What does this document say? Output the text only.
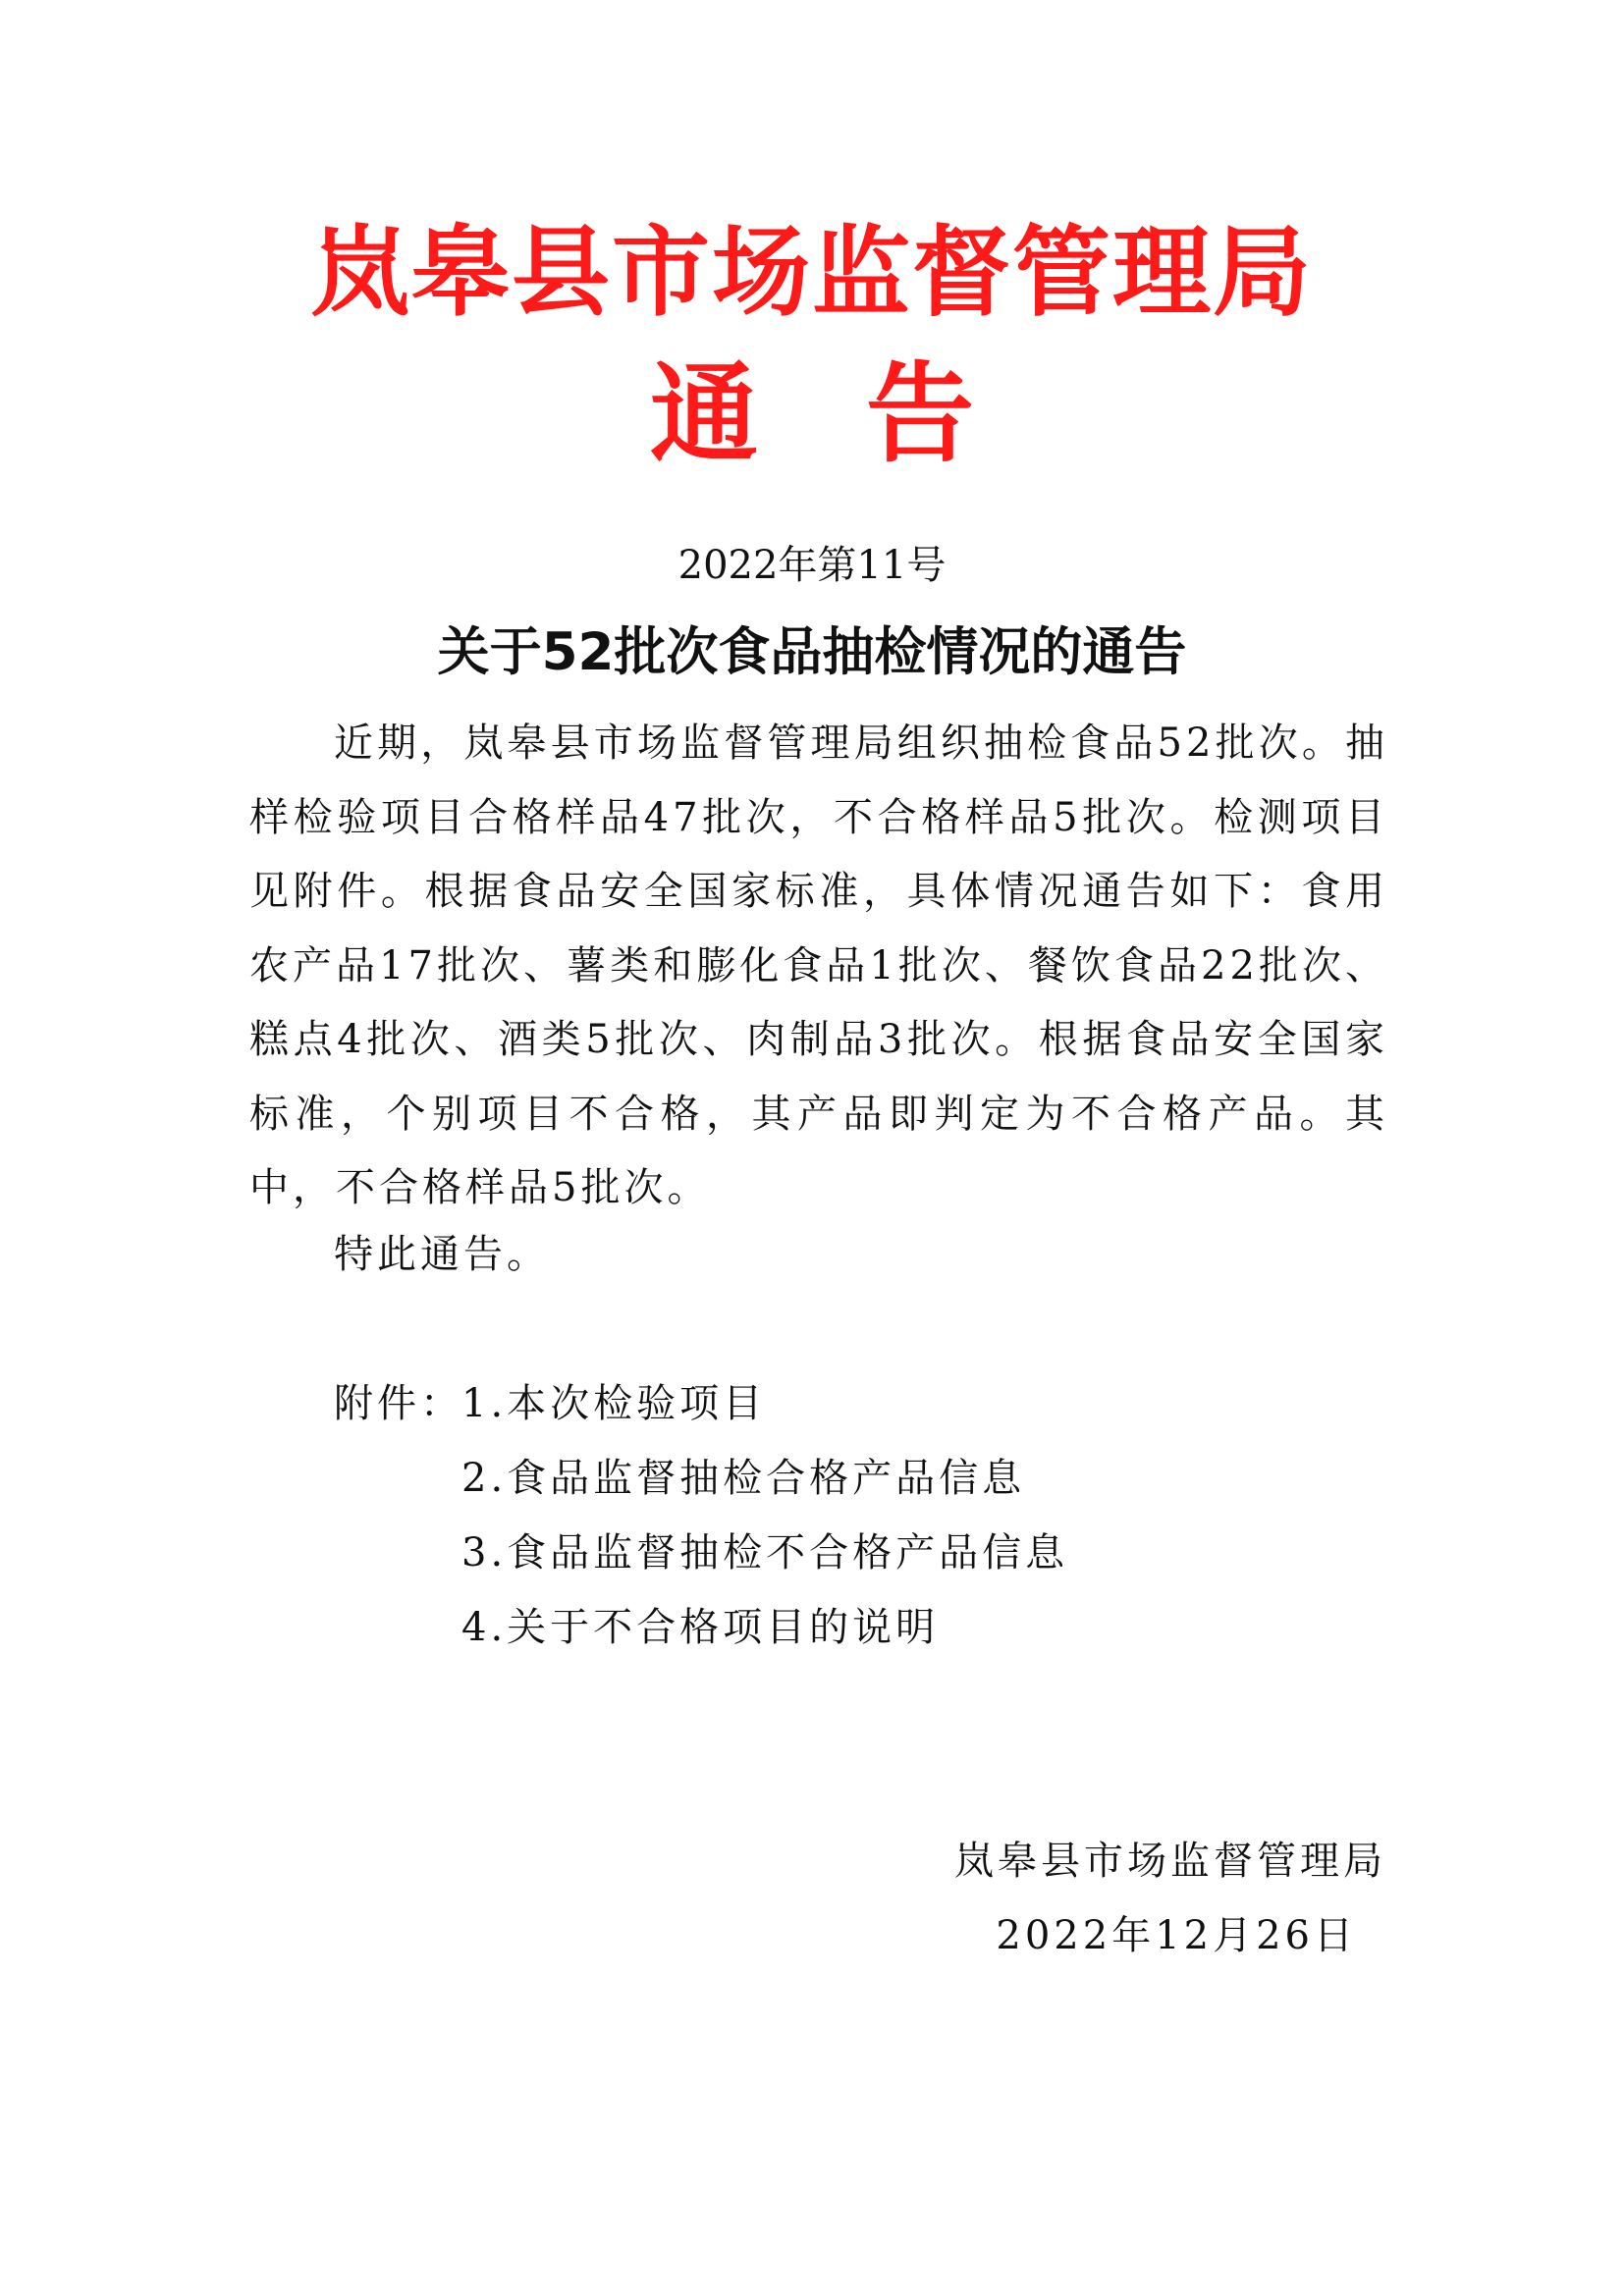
岚皋县市场监督管理局
通告
2022年第11号
关于52批次食品抽检情况的通告

近期，岚皋县市场监督管理局组织抽检食品52批次。抽样检验项目合格样品47批次，不合格样品5批次。检测项目见附件。根据食品安全国家标准，具体情况通告如下：食用农产品17批次、薯类和膨化食品1批次、餐饮食品22批次、糕点4批次、酒类5批次、肉制品3批次。根据食品安全国家标准，个别项目不合格，其产品即判定为不合格产品。其中，不合格样品5批次。

特此通告。
附件：
1.本次检验项目
2.食品监督抽检合格产品信息
3.食品监督抽检不合格产品信息
4.关于不合格项目的说明
岚皋县市场监督管理局
2022年12月26日
